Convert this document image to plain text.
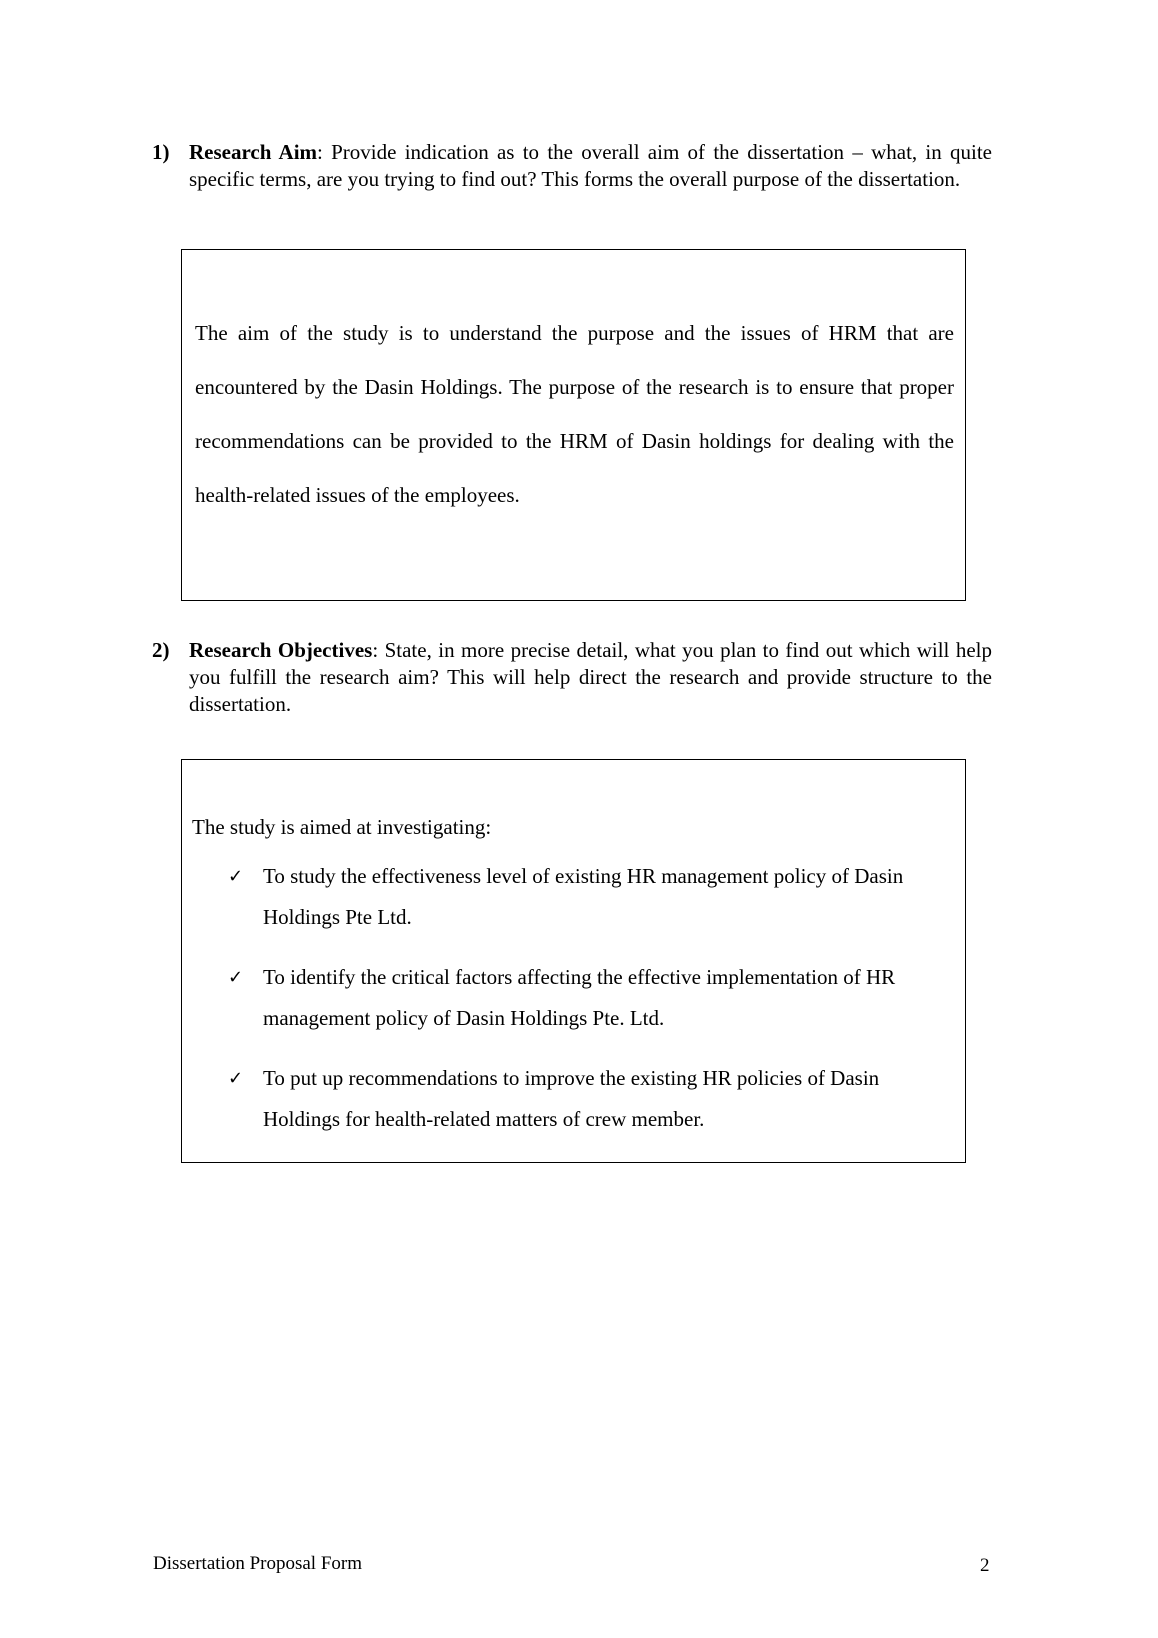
1) Research Aim: Provide indication as to the overall aim of the dissertation – what, in quite specific terms, are you trying to find out? This forms the overall purpose of the dissertation.
The aim of the study is to understand the purpose and the issues of HRM that are encountered by the Dasin Holdings. The purpose of the research is to ensure that proper recommendations can be provided to the HRM of Dasin holdings for dealing with the health-related issues of the employees.
2) Research Objectives: State, in more precise detail, what you plan to find out which will help you fulfill the research aim? This will help direct the research and provide structure to the dissertation.
The study is aimed at investigating:
✓ To study the effectiveness level of existing HR management policy of Dasin Holdings Pte Ltd.
✓ To identify the critical factors affecting the effective implementation of HR management policy of Dasin Holdings Pte. Ltd.
✓ To put up recommendations to improve the existing HR policies of Dasin Holdings for health-related matters of crew member.
Dissertation Proposal Form	2
